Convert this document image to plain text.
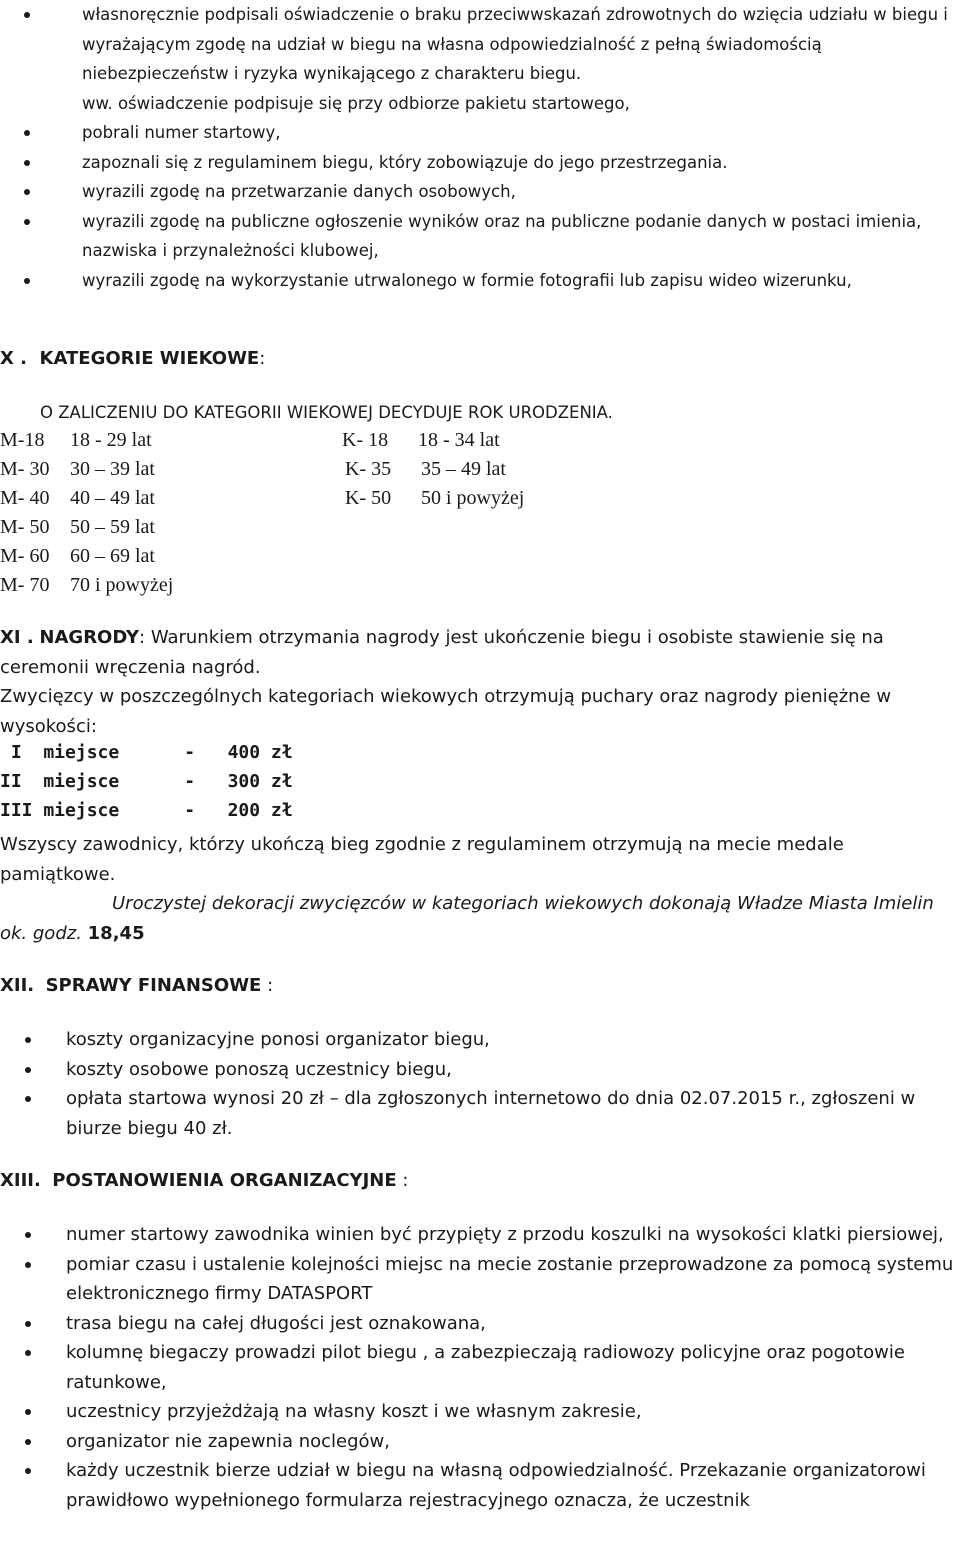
własnoręcznie podpisali oświadczenie o braku przeciwwskazań zdrowotnych do wzięcia udziału w biegu i wyrażającym zgodę na udział w biegu na własna odpowiedzialność z pełną świadomością niebezpieczeństw i ryzyka wynikającego z charakteru biegu.
ww. oświadczenie podpisuje się przy odbiorze pakietu startowego,
pobrali numer startowy,
zapoznali się z regulaminem biegu, który zobowiązuje do jego przestrzegania.
wyrazili zgodę na przetwarzanie danych osobowych,
wyrazili zgodę na publiczne ogłoszenie wyników oraz na publiczne podanie danych w postaci imienia, nazwiska i przynależności klubowej,
wyrazili zgodę na wykorzystanie utrwalonego w formie fotografii lub zapisu wideo wizerunku,
X . KATEGORIE WIEKOWE:
O ZALICZENIU DO KATEGORII WIEKOWEJ DECYDUJE ROK URODZENIA.
M-18 18 - 29 lat	K- 18 18 - 34 lat
M- 30 30 – 39 lat	K- 35 35 – 49 lat
M- 40 40 – 49 lat	K- 50 50 i powyżej
M- 50 50 – 59 lat
M- 60 60 – 69 lat
M- 70 70 i powyżej
XI . NAGRODY: Warunkiem otrzymania nagrody jest ukończenie biegu i osobiste stawienie się na ceremonii wręczenia nagród.
Zwycięzcy w poszczególnych kategoriach wiekowych otrzymują puchary oraz nagrody pieniężne w wysokości:
I  miejsce      -   400 zł
II  miejsce      -   300 zł
III miejsce      -   200 zł
Wszyscy zawodnicy, którzy ukończą bieg zgodnie z regulaminem otrzymują na mecie medale pamiątkowe.
Uroczystej dekoracji zwycięzców w kategoriach wiekowych dokonają Władze Miasta Imielin ok. godz. 18,45
XII. SPRAWY FINANSOWE :
koszty organizacyjne ponosi organizator biegu,
koszty osobowe ponoszą uczestnicy biegu,
opłata startowa wynosi 20 zł – dla zgłoszonych internetowo do dnia 02.07.2015 r., zgłoszeni w biurze biegu 40 zł.
XIII. POSTANOWIENIA ORGANIZACYJNE :
numer startowy zawodnika winien być przypięty z przodu koszulki na wysokości klatki piersiowej,
pomiar czasu i ustalenie kolejności miejsc na mecie zostanie przeprowadzone za pomocą systemu elektronicznego firmy DATASPORT
trasa biegu na całej długości jest oznakowana,
kolumnę biegaczy prowadzi pilot biegu , a zabezpieczają radiowozy policyjne oraz pogotowie ratunkowe,
uczestnicy przyjeżdżają na własny koszt i we własnym zakresie,
organizator nie zapewnia noclegów,
każdy uczestnik bierze udział w biegu na własną odpowiedzialność. Przekazanie organizatorowi prawidłowo wypełnionego formularza rejestracyjnego oznacza, że uczestnik
